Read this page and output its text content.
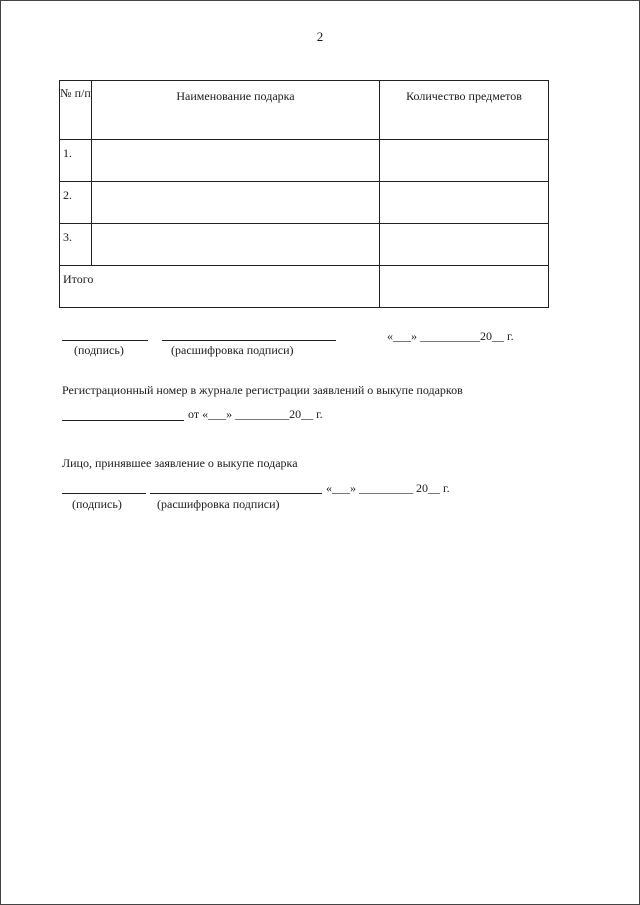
2
№ п/п	Наименование подарка	Количество предметов
1.		
2.		
3.		
Итого		
«___» __________20__ г.
(подпись)	(расшифровка подписи)
Регистрационный номер в журнале регистрации заявлений о выкупе подарков
от «___» _________20__ г.
Лицо, принявшее заявление о выкупе подарка
«___» _________ 20__ г.
(подпись)	(расшифровка подписи)
